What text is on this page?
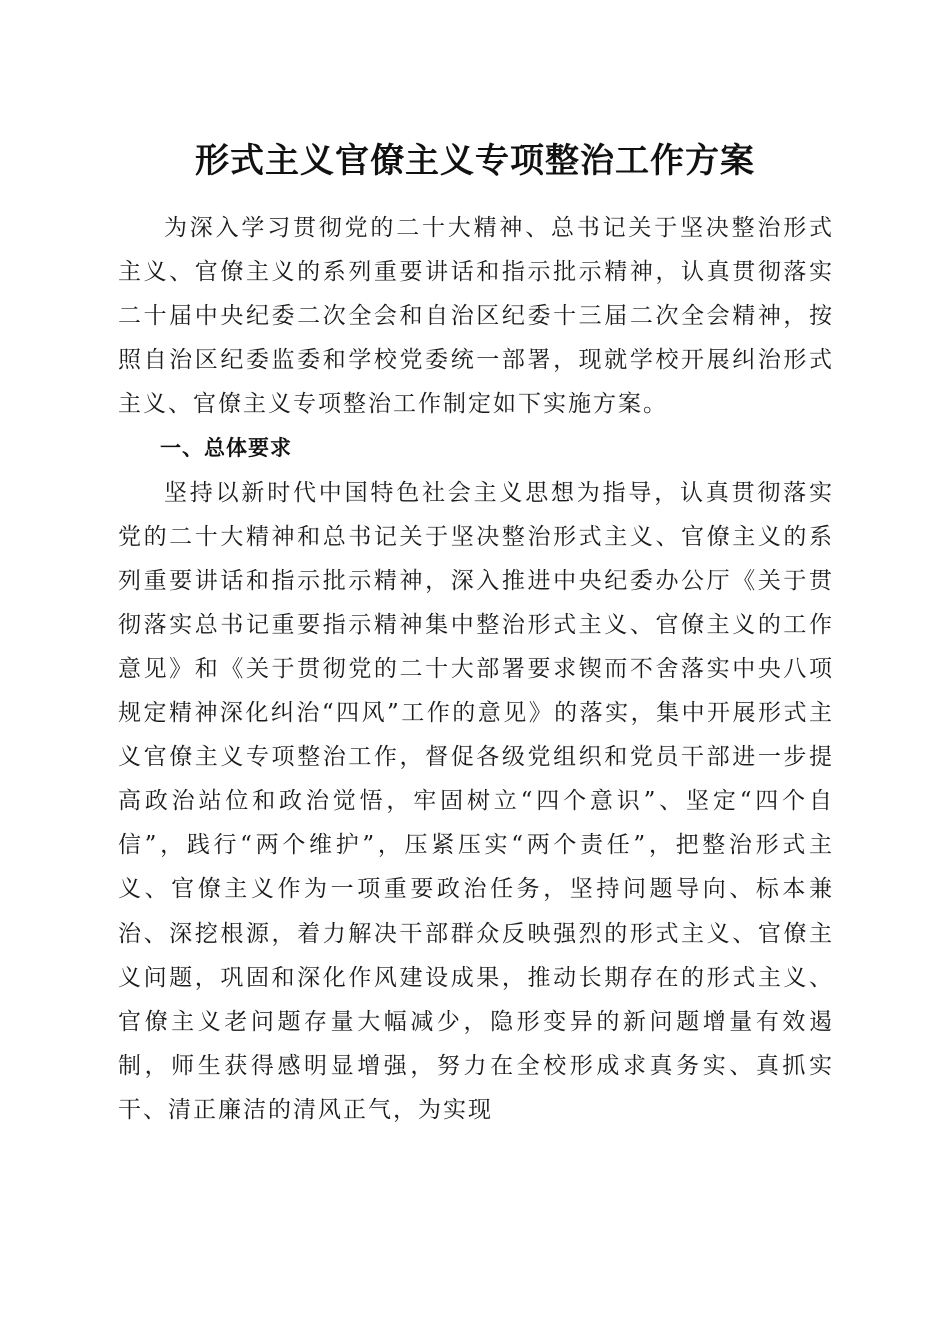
形式主义官僚主义专项整治工作方案

为深入学习贯彻党的二十大精神、总书记关于坚决整治形式主义、官僚主义的系列重要讲话和指示批示精神，认真贯彻落实二十届中央纪委二次全会和自治区纪委十三届二次全会精神，按照自治区纪委监委和学校党委统一部署，现就学校开展纠治形式主义、官僚主义专项整治工作制定如下实施方案。

一、总体要求

坚持以新时代中国特色社会主义思想为指导，认真贯彻落实党的二十大精神和总书记关于坚决整治形式主义、官僚主义的系列重要讲话和指示批示精神，深入推进中央纪委办公厅《关于贯彻落实总书记重要指示精神集中整治形式主义、官僚主义的工作意见》和《关于贯彻党的二十大部署要求锲而不舍落实中央八项规定精神深化纠治“四风”工作的意见》的落实，集中开展形式主义官僚主义专项整治工作，督促各级党组织和党员干部进一步提高政治站位和政治觉悟，牢固树立“四个意识”、坚定“四个自信”，践行“两个维护”，压紧压实“两个责任”，把整治形式主义、官僚主义作为一项重要政治任务，坚持问题导向、标本兼治、深挖根源，着力解决干部群众反映强烈的形式主义、官僚主义问题，巩固和深化作风建设成果，推动长期存在的形式主义、官僚主义老问题存量大幅减少，隐形变异的新问题增量有效遏制，师生获得感明显增强，努力在全校形成求真务实、真抓实干、清正廉洁的清风正气，为实现
